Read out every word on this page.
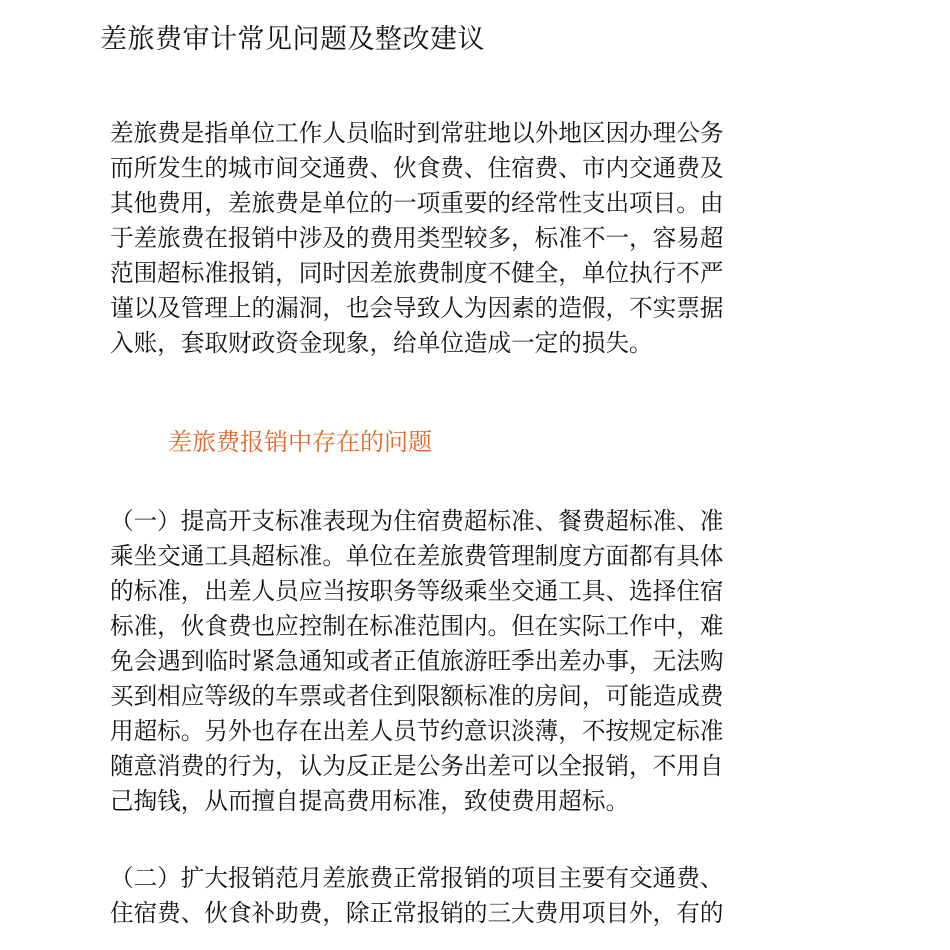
差旅费审计常见问题及整改建议
差旅费是指单位工作人员临时到常驻地以外地区因办理公务
而所发生的城市间交通费、伙食费、住宿费、市内交通费及
其他费用，差旅费是单位的一项重要的经常性支出项目。由
于差旅费在报销中涉及的费用类型较多，标准不一，容易超
范围超标准报销，同时因差旅费制度不健全，单位执行不严
谨以及管理上的漏洞，也会导致人为因素的造假，不实票据
入账，套取财政资金现象，给单位造成一定的损失。
差旅费报销中存在的问题
（一）提高开支标准表现为住宿费超标准、餐费超标准、准
乘坐交通工具超标准。单位在差旅费管理制度方面都有具体
的标准，出差人员应当按职务等级乘坐交通工具、选择住宿
标准，伙食费也应控制在标准范围内。但在实际工作中，难
免会遇到临时紧急通知或者正值旅游旺季出差办事，无法购
买到相应等级的车票或者住到限额标准的房间，可能造成费
用超标。另外也存在出差人员节约意识淡薄，不按规定标准
随意消费的行为，认为反正是公务出差可以全报销，不用自
己掏钱，从而擅自提高费用标准，致使费用超标。
（二）扩大报销范月差旅费正常报销的项目主要有交通费、
住宿费、伙食补助费，除正常报销的三大费用项目外，有的
